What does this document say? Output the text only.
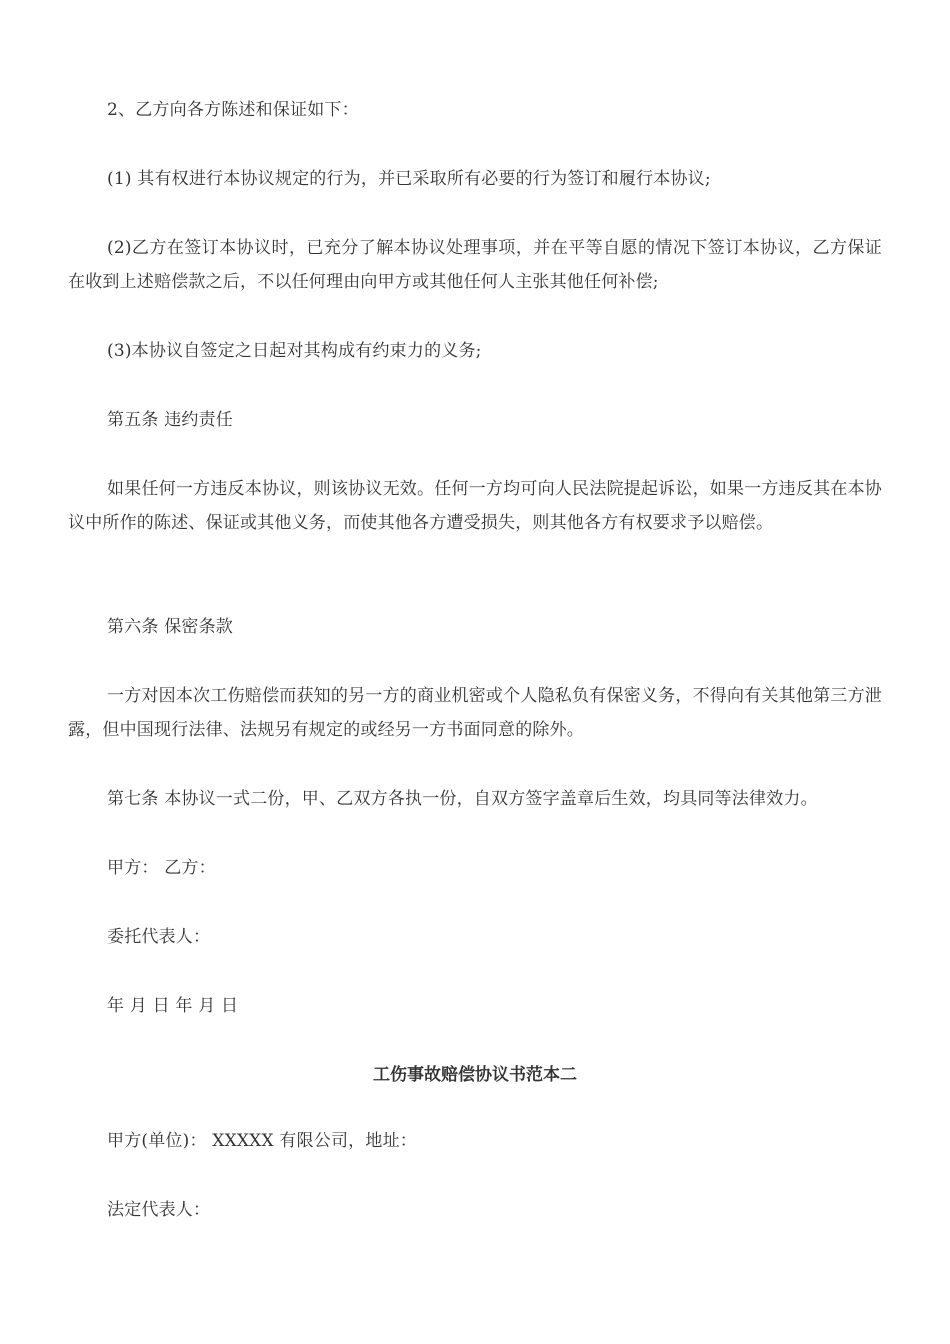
2、乙方向各方陈述和保证如下：

(1) 其有权进行本协议规定的行为，并已采取所有必要的行为签订和履行本协议;

(2)乙方在签订本协议时，已充分了解本协议处理事项，并在平等自愿的情况下签订本协议，乙方保证在收到上述赔偿款之后，不以任何理由向甲方或其他任何人主张其他任何补偿;

(3)本协议自签定之日起对其构成有约束力的义务;

第五条 违约责任

如果任何一方违反本协议，则该协议无效。任何一方均可向人民法院提起诉讼，如果一方违反其在本协议中所作的陈述、保证或其他义务，而使其他各方遭受损失，则其他各方有权要求予以赔偿。

第六条 保密条款

一方对因本次工伤赔偿而获知的另一方的商业机密或个人隐私负有保密义务，不得向有关其他第三方泄露，但中国现行法律、法规另有规定的或经另一方书面同意的除外。

第七条 本协议一式二份，甲、乙双方各执一份，自双方签字盖章后生效，均具同等法律效力。

甲方： 乙方：

委托代表人：

年 月 日 年 月 日

工伤事故赔偿协议书范本二

甲方(单位)： XXXXX 有限公司，地址：

法定代表人：
